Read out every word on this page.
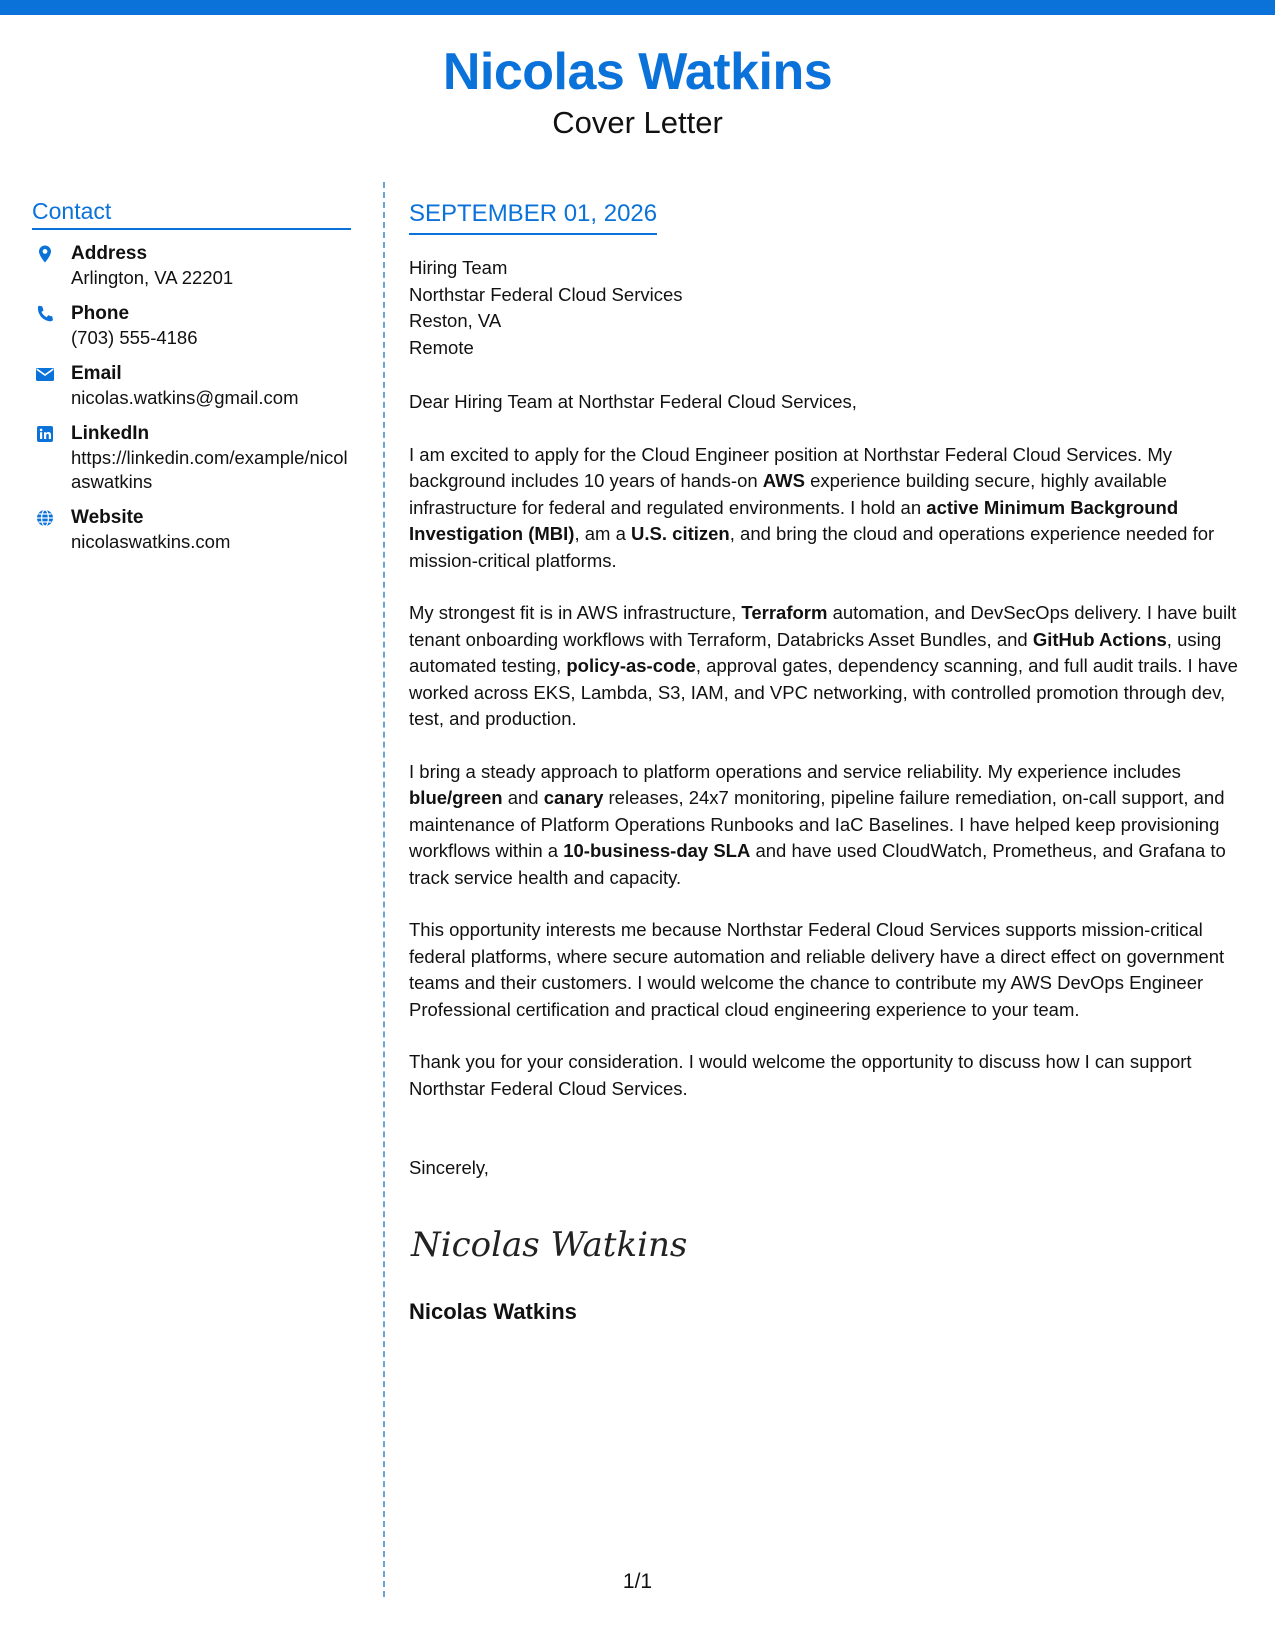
Nicolas Watkins
Cover Letter
Contact
Address
Arlington, VA 22201
Phone
(703) 555-4186
Email
nicolas.watkins@gmail.com
LinkedIn
https://linkedin.com/example/nicolaswatkins
Website
nicolaswatkins.com
SEPTEMBER 01, 2026
Hiring Team
Northstar Federal Cloud Services
Reston, VA
Remote
Dear Hiring Team at Northstar Federal Cloud Services,
I am excited to apply for the Cloud Engineer position at Northstar Federal Cloud Services. My background includes 10 years of hands-on AWS experience building secure, highly available infrastructure for federal and regulated environments. I hold an active Minimum Background Investigation (MBI), am a U.S. citizen, and bring the cloud and operations experience needed for mission-critical platforms.
My strongest fit is in AWS infrastructure, Terraform automation, and DevSecOps delivery. I have built tenant onboarding workflows with Terraform, Databricks Asset Bundles, and GitHub Actions, using automated testing, policy-as-code, approval gates, dependency scanning, and full audit trails. I have worked across EKS, Lambda, S3, IAM, and VPC networking, with controlled promotion through dev, test, and production.
I bring a steady approach to platform operations and service reliability. My experience includes blue/green and canary releases, 24x7 monitoring, pipeline failure remediation, on-call support, and maintenance of Platform Operations Runbooks and IaC Baselines. I have helped keep provisioning workflows within a 10-business-day SLA and have used CloudWatch, Prometheus, and Grafana to track service health and capacity.
This opportunity interests me because Northstar Federal Cloud Services supports mission-critical federal platforms, where secure automation and reliable delivery have a direct effect on government teams and their customers. I would welcome the chance to contribute my AWS DevOps Engineer Professional certification and practical cloud engineering experience to your team.
Thank you for your consideration. I would welcome the opportunity to discuss how I can support Northstar Federal Cloud Services.
Sincerely,
Nicolas Watkins
Nicolas Watkins
1/1
